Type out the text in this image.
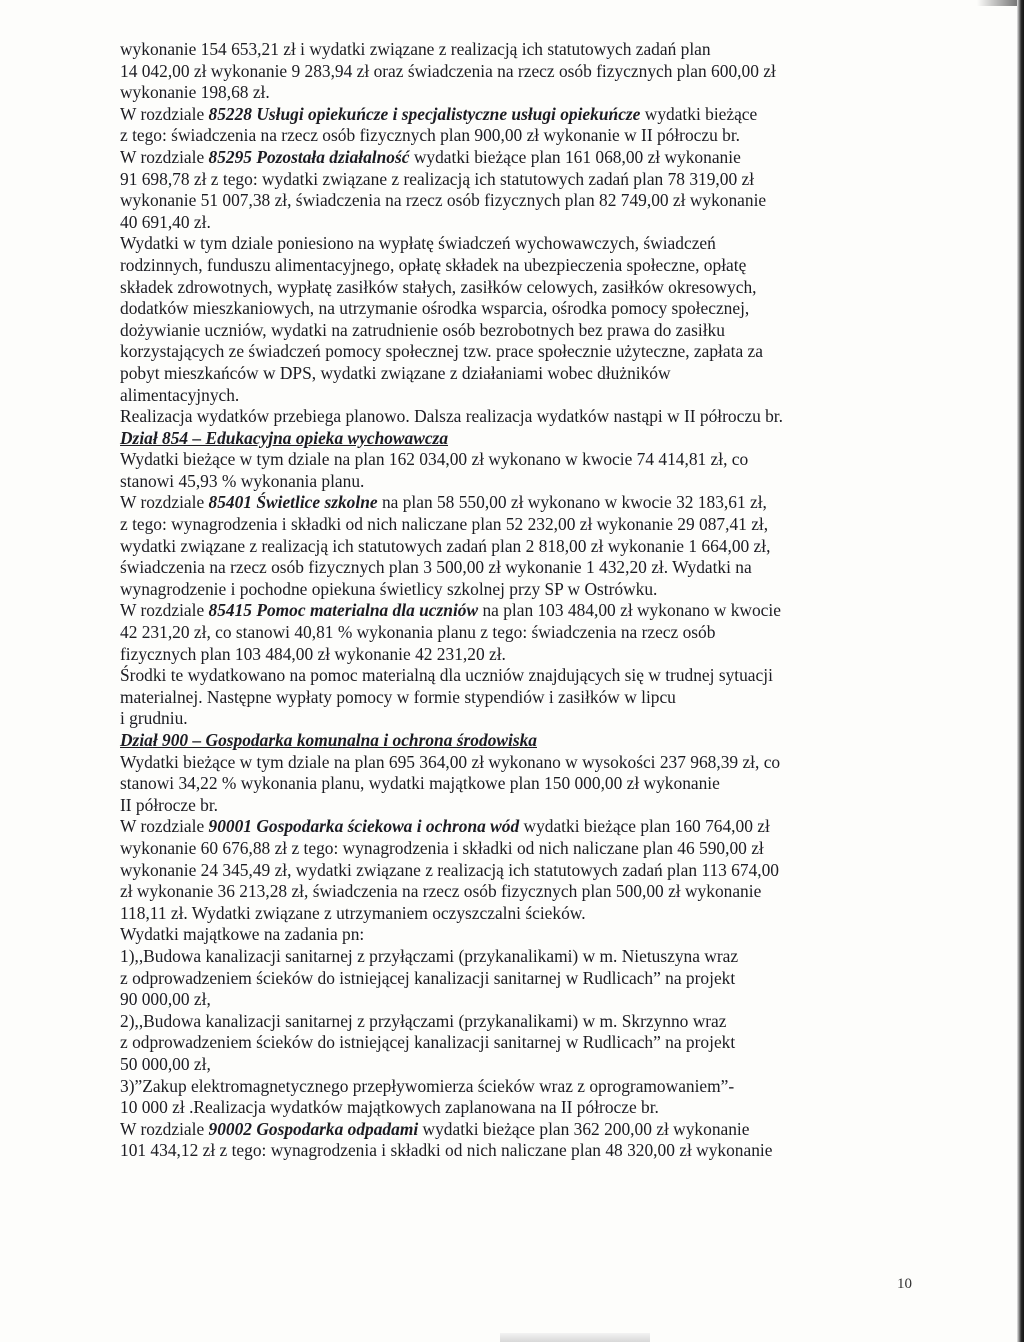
wykonanie 154 653,21 zł i wydatki związane z realizacją ich statutowych zadań plan
14 042,00 zł wykonanie 9 283,94 zł oraz świadczenia na rzecz osób fizycznych plan 600,00 zł
wykonanie 198,68 zł.
W rozdziale 85228 Usługi opiekuńcze i specjalistyczne usługi opiekuńcze wydatki bieżące
z tego: świadczenia na rzecz osób fizycznych plan 900,00 zł wykonanie w II półroczu br.
W rozdziale 85295 Pozostała działalność wydatki bieżące plan 161 068,00 zł wykonanie
91 698,78 zł z tego: wydatki związane z realizacją ich statutowych zadań plan 78 319,00 zł
wykonanie 51 007,38 zł, świadczenia na rzecz osób fizycznych plan 82 749,00 zł wykonanie
40 691,40 zł.
Wydatki w tym dziale poniesiono na wypłatę świadczeń wychowawczych, świadczeń
rodzinnych, funduszu alimentacyjnego, opłatę składek na ubezpieczenia społeczne, opłatę
składek zdrowotnych, wypłatę zasiłków stałych, zasiłków celowych, zasiłków okresowych,
dodatków mieszkaniowych, na utrzymanie ośrodka wsparcia, ośrodka pomocy społecznej,
dożywianie uczniów, wydatki na zatrudnienie osób bezrobotnych bez prawa do zasiłku
korzystających ze świadczeń pomocy społecznej tzw. prace społecznie użyteczne, zapłata za
pobyt mieszkańców w DPS, wydatki związane z działaniami wobec dłużników
alimentacyjnych.
Realizacja wydatków przebiega planowo. Dalsza realizacja wydatków nastąpi w II półroczu br.
Dział 854 – Edukacyjna opieka wychowawcza
Wydatki bieżące w tym dziale na plan 162 034,00 zł wykonano w kwocie 74 414,81 zł, co
stanowi 45,93 % wykonania planu.
W rozdziale 85401 Świetlice szkolne na plan 58 550,00 zł wykonano w kwocie 32 183,61 zł,
z tego: wynagrodzenia i składki od nich naliczane plan 52 232,00 zł wykonanie 29 087,41 zł,
wydatki związane z realizacją ich statutowych zadań plan 2 818,00 zł wykonanie 1 664,00 zł,
świadczenia na rzecz osób fizycznych plan 3 500,00 zł wykonanie 1 432,20 zł. Wydatki na
wynagrodzenie i pochodne opiekuna świetlicy szkolnej przy SP w Ostrówku.
W rozdziale 85415 Pomoc materialna dla uczniów na plan 103 484,00 zł wykonano w kwocie
42 231,20 zł, co stanowi 40,81 % wykonania planu z tego: świadczenia na rzecz osób
fizycznych plan 103 484,00 zł wykonanie 42 231,20 zł.
Środki te wydatkowano na pomoc materialną dla uczniów znajdujących się w trudnej sytuacji
materialnej. Następne wypłaty pomocy w formie stypendiów i zasiłków w lipcu
i grudniu.
Dział 900 – Gospodarka komunalna i ochrona środowiska
Wydatki bieżące w tym dziale na plan 695 364,00 zł wykonano w wysokości 237 968,39 zł, co
stanowi 34,22 % wykonania planu, wydatki majątkowe plan 150 000,00 zł wykonanie
II półrocze br.
W rozdziale 90001 Gospodarka ściekowa i ochrona wód wydatki bieżące plan 160 764,00 zł
wykonanie 60 676,88 zł z tego: wynagrodzenia i składki od nich naliczane plan 46 590,00 zł
wykonanie 24 345,49 zł, wydatki związane z realizacją ich statutowych zadań plan 113 674,00
zł wykonanie 36 213,28 zł, świadczenia na rzecz osób fizycznych plan 500,00 zł wykonanie
118,11 zł. Wydatki związane z utrzymaniem oczyszczalni ścieków.
Wydatki majątkowe na zadania pn:
1),,Budowa kanalizacji sanitarnej z przyłączami (przykanalikami) w m. Nietuszyna wraz
z odprowadzeniem ścieków do istniejącej kanalizacji sanitarnej w Rudlicach” na projekt
90 000,00 zł,
2),,Budowa kanalizacji sanitarnej z przyłączami (przykanalikami) w m. Skrzynno wraz
z odprowadzeniem ścieków do istniejącej kanalizacji sanitarnej w Rudlicach” na projekt
50 000,00 zł,
3)”Zakup elektromagnetycznego przepływomierza ścieków wraz z oprogramowaniem”-
10 000 zł .Realizacja wydatków majątkowych zaplanowana na II półrocze br.
W rozdziale 90002 Gospodarka odpadami wydatki bieżące plan 362 200,00 zł wykonanie
101 434,12 zł z tego: wynagrodzenia i składki od nich naliczane plan 48 320,00 zł wykonanie
10
